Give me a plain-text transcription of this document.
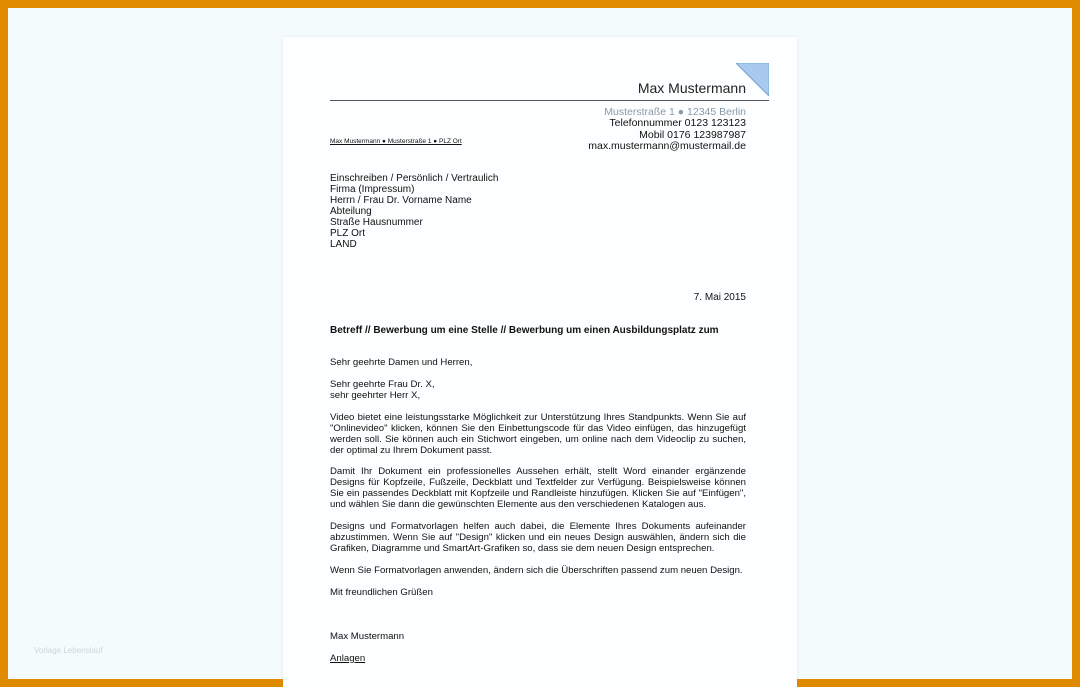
Max Mustermann
Musterstraße 1 ● 12345 Berlin
Telefonnummer 0123 123123
Mobil 0176 123987987
max.mustermann@mustermail.de
Max Mustermann ● Musterstraße 1 ● PLZ Ort
Einschreiben / Persönlich / Vertraulich
Firma (Impressum)
Herrn / Frau Dr. Vorname Name
Abteilung
Straße Hausnummer
PLZ Ort
LAND
7. Mai 2015
Betreff // Bewerbung um eine Stelle // Bewerbung um einen Ausbildungsplatz zum
Sehr geehrte Damen und Herren,

Sehr geehrte Frau Dr. X,

sehr geehrter Herr X,

Video bietet eine leistungsstarke Möglichkeit zur Unterstützung Ihres Standpunkts. Wenn Sie auf "Onlinevideo" klicken, können Sie den Einbettungscode für das Video einfügen, das hinzugefügt werden soll. Sie können auch ein Stichwort eingeben, um online nach dem Videoclip zu suchen, der optimal zu Ihrem Dokument passt.
Damit Ihr Dokument ein professionelles Aussehen erhält, stellt Word einander ergänzende Designs für Kopfzeile, Fußzeile, Deckblatt und Textfelder zur Verfügung. Beispielsweise können Sie ein passendes Deckblatt mit Kopfzeile und Randleiste hinzufügen. Klicken Sie auf "Einfügen", und wählen Sie dann die gewünschten Elemente aus den verschiedenen Katalogen aus.
Designs und Formatvorlagen helfen auch dabei, die Elemente Ihres Dokuments aufeinander abzustimmen. Wenn Sie auf "Design" klicken und ein neues Design auswählen, ändern sich die Grafiken, Diagramme und SmartArt-Grafiken so, dass sie dem neuen Design entsprechen.
Wenn Sie Formatvorlagen anwenden, ändern sich die Überschriften passend zum neuen Design.
Mit freundlichen Grüßen
Max Mustermann
Anlagen
Vorlage Lebenslauf
